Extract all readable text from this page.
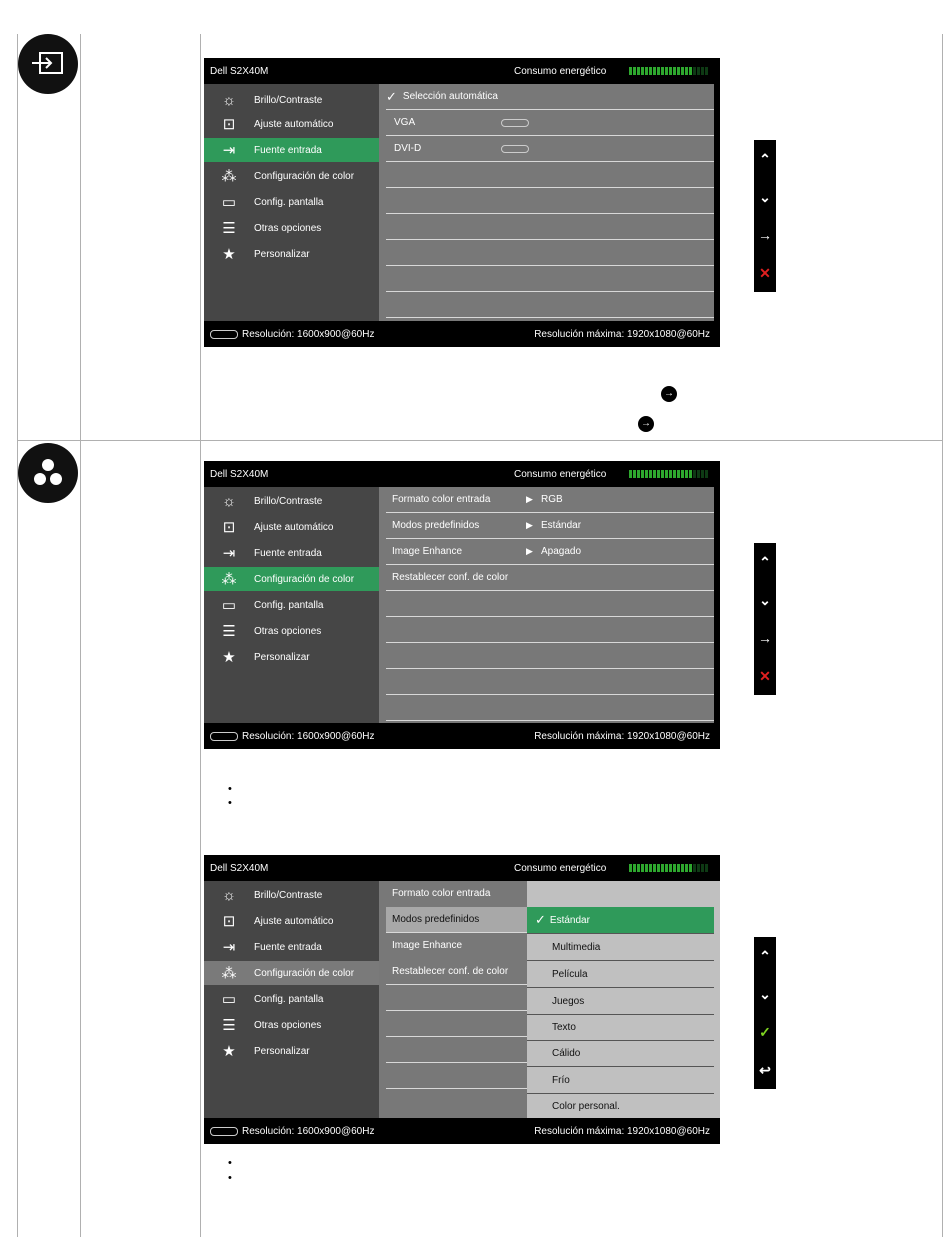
Dell S2X40M	Consumo energético
☼	Brillo/Contraste
⊡	Ajuste automático
⇥	Fuente entrada
⁂	Configuración de color
▭	Config. pantalla
☰	Otras opciones
★	Personalizar
✓ Selección automática
VGA
DVI-D
Resolución: 1600x900@60Hz	Resolución máxima: 1920x1080@60Hz
⌃
⌄
→
✕
→
→
Dell S2X40M	Consumo energético
☼	Brillo/Contraste
⊡	Ajuste automático
⇥	Fuente entrada
⁂	Configuración de color
▭	Config. pantalla
☰	Otras opciones
★	Personalizar
Formato color entrada	▶ RGB
Modos predefinidos	▶ Estándar
Image Enhance	▶ Apagado
Restablecer conf. de color
Resolución: 1600x900@60Hz	Resolución máxima: 1920x1080@60Hz
⌃
⌄
→
✕
•
•
Dell S2X40M	Consumo energético
☼	Brillo/Contraste
⊡	Ajuste automático
⇥	Fuente entrada
⁂	Configuración de color
▭	Config. pantalla
☰	Otras opciones
★	Personalizar
Formato color entrada
Modos predefinidos
Image Enhance
Restablecer conf. de color
✓ Estándar
Multimedia
Película
Juegos
Texto
Cálido
Frío
Color personal.
Resolución: 1600x900@60Hz	Resolución máxima: 1920x1080@60Hz
⌃
⌄
✓
↩
•
•
